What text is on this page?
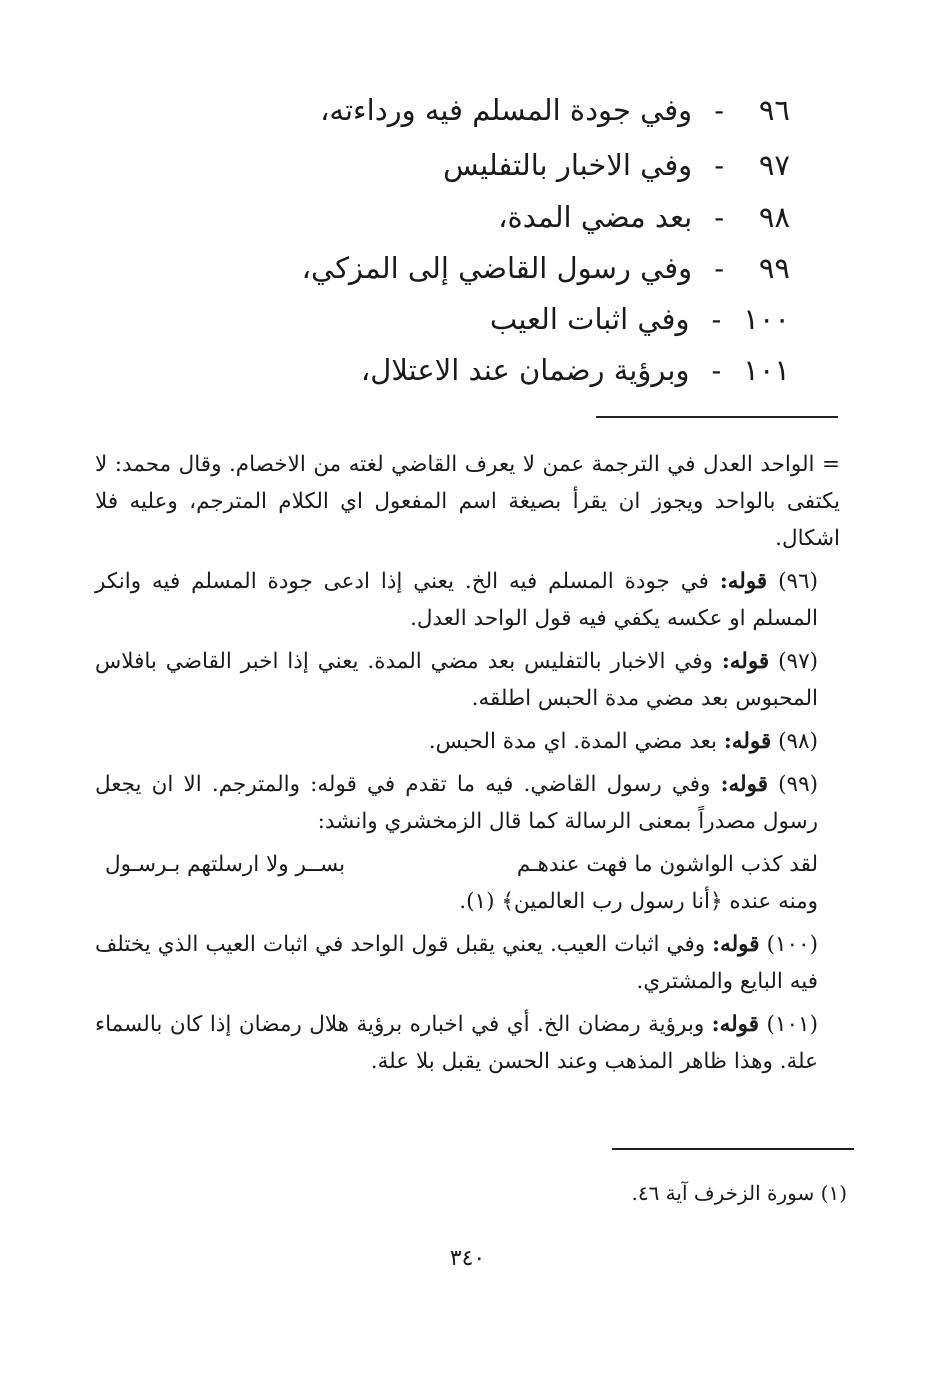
٩٦-وفي جودة المسلم فيه ورداءته،
٩٧-وفي الاخبار بالتفليس
٩٨-بعد مضي المدة،
٩٩-وفي رسول القاضي إلى المزكي،
١٠٠-وفي اثبات العيب
١٠١-وبرؤية رضمان عند الاعتلال،

= الواحد العدل في الترجمة عمن لا يعرف القاضي لغته من الاخصام. وقال محمد: لا يكتفى بالواحد ويجوز ان يقرأ بصيغة اسم المفعول اي الكلام المترجم، وعليه فلا اشكال.

(٩٦) قوله: في جودة المسلم فيه الخ. يعني إذا ادعى جودة المسلم فيه وانكر المسلم او عكسه يكفي فيه قول الواحد العدل.

(٩٧) قوله: وفي الاخبار بالتفليس بعد مضي المدة. يعني إذا اخبر القاضي بافلاس المحبوس بعد مضي مدة الحبس اطلقه.

(٩٨) قوله: بعد مضي المدة. اي مدة الحبس.

(٩٩) قوله: وفي رسول القاضي. فيه ما تقدم في قوله: والمترجم. الا ان يجعل رسول مصدراً بمعنى الرسالة كما قال الزمخشري وانشد:

لقد كذب الواشون ما فهت عندهـم
بســر ولا ارسلتهم بـرسـول

ومنه عنده ﴿أنا رسول رب العالمين﴾ (١).

(١٠٠) قوله: وفي اثبات العيب. يعني يقبل قول الواحد في اثبات العيب الذي يختلف فيه البايع والمشتري.

(١٠١) قوله: وبرؤية رمضان الخ. أي في اخباره برؤية هلال رمضان إذا كان بالسماء علة. وهذا ظاهر المذهب وعند الحسن يقبل بلا علة.

(١) سورة الزخرف آية ٤٦.
٣٤٠
